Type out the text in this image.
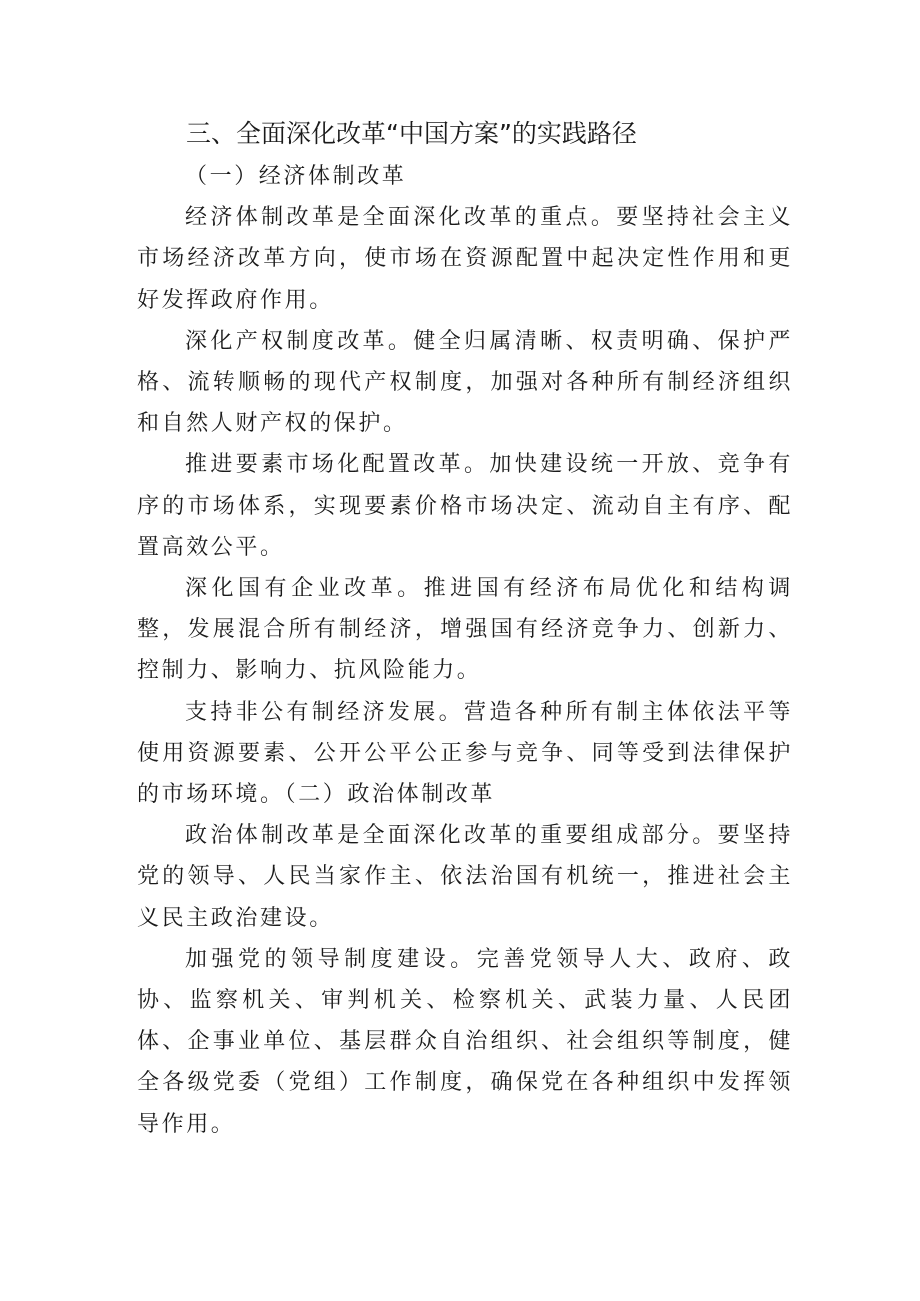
三、全面深化改革“中国方案”的实践路径

（一）经济体制改革

经济体制改革是全面深化改革的重点。要坚持社会主义市场经济改革方向，使市场在资源配置中起决定性作用和更好发挥政府作用。

深化产权制度改革。健全归属清晰、权责明确、保护严格、流转顺畅的现代产权制度，加强对各种所有制经济组织和自然人财产权的保护。

推进要素市场化配置改革。加快建设统一开放、竞争有序的市场体系，实现要素价格市场决定、流动自主有序、配置高效公平。

深化国有企业改革。推进国有经济布局优化和结构调整，发展混合所有制经济，增强国有经济竞争力、创新力、控制力、影响力、抗风险能力。

支持非公有制经济发展。营造各种所有制主体依法平等使用资源要素、公开公平公正参与竞争、同等受到法律保护的市场环境。（二）政治体制改革

政治体制改革是全面深化改革的重要组成部分。要坚持党的领导、人民当家作主、依法治国有机统一，推进社会主义民主政治建设。

加强党的领导制度建设。完善党领导人大、政府、政协、监察机关、审判机关、检察机关、武装力量、人民团体、企事业单位、基层群众自治组织、社会组织等制度，健全各级党委（党组）工作制度，确保党在各种组织中发挥领导作用。
